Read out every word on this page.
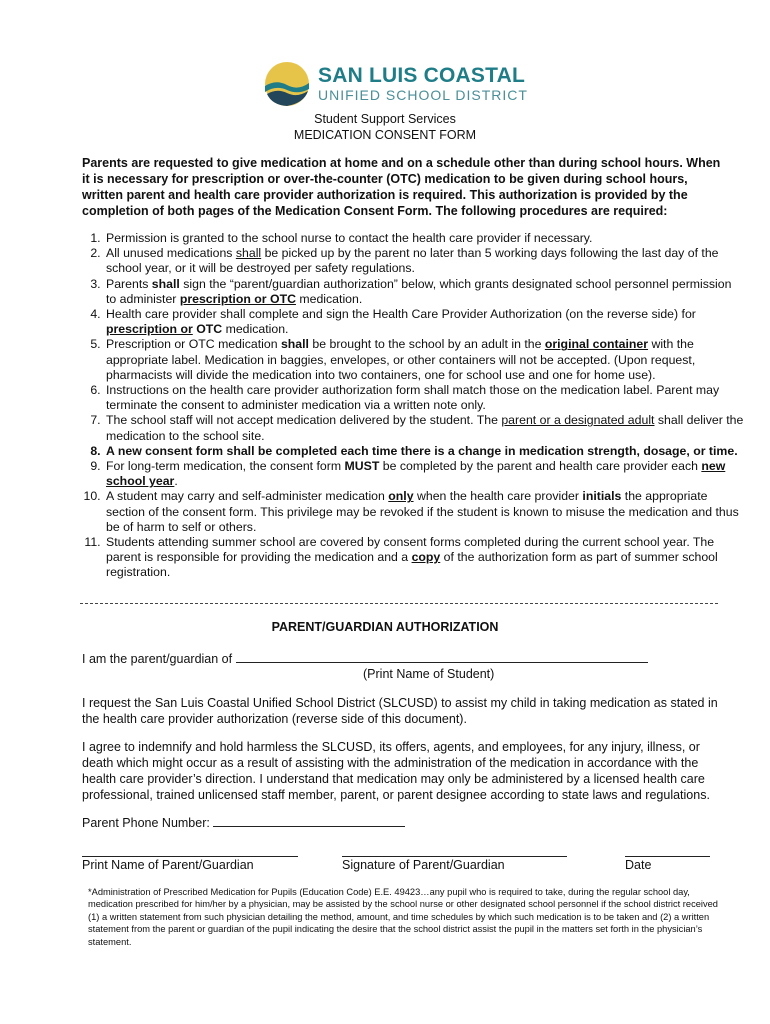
SAN LUIS COASTAL
UNIFIED SCHOOL DISTRICT
Student Support Services
MEDICATION CONSENT FORM
Parents are requested to give medication at home and on a schedule other than during school hours. When it is necessary for prescription or over-the-counter (OTC) medication to be given during school hours, written parent and health care provider authorization is required. This authorization is provided by the completion of both pages of the Medication Consent Form. The following procedures are required:
1. Permission is granted to the school nurse to contact the health care provider if necessary.
2. All unused medications shall be picked up by the parent no later than 5 working days following the last day of the school year, or it will be destroyed per safety regulations.
3. Parents shall sign the “parent/guardian authorization” below, which grants designated school personnel permission to administer prescription or OTC medication.
4. Health care provider shall complete and sign the Health Care Provider Authorization (on the reverse side) for prescription or OTC medication.
5. Prescription or OTC medication shall be brought to the school by an adult in the original container with the appropriate label. Medication in baggies, envelopes, or other containers will not be accepted. (Upon request, pharmacists will divide the medication into two containers, one for school use and one for home use).
6. Instructions on the health care provider authorization form shall match those on the medication label. Parent may terminate the consent to administer medication via a written note only.
7. The school staff will not accept medication delivered by the student. The parent or a designated adult shall deliver the medication to the school site.
8. A new consent form shall be completed each time there is a change in medication strength, dosage, or time.
9. For long-term medication, the consent form MUST be completed by the parent and health care provider each new school year.
10. A student may carry and self-administer medication only when the health care provider initials the appropriate section of the consent form. This privilege may be revoked if the student is known to misuse the medication and thus be of harm to self or others.
11. Students attending summer school are covered by consent forms completed during the current school year. The parent is responsible for providing the medication and a copy of the authorization form as part of summer school registration.
PARENT/GUARDIAN AUTHORIZATION
I am the parent/guardian of
(Print Name of Student)
I request the San Luis Coastal Unified School District (SLCUSD) to assist my child in taking medication as stated in the health care provider authorization (reverse side of this document).
I agree to indemnify and hold harmless the SLCUSD, its offers, agents, and employees, for any injury, illness, or death which might occur as a result of assisting with the administration of the medication in accordance with the health care provider’s direction. I understand that medication may only be administered by a licensed health care professional, trained unlicensed staff member, parent, or parent designee according to state laws and regulations.
Parent Phone Number:
Print Name of Parent/Guardian	Signature of Parent/Guardian	Date
*Administration of Prescribed Medication for Pupils (Education Code) E.E. 49423…any pupil who is required to take, during the regular school day, medication prescribed for him/her by a physician, may be assisted by the school nurse or other designated school personnel if the school district received (1) a written statement from such physician detailing the method, amount, and time schedules by which such medication is to be taken and (2) a written statement from the parent or guardian of the pupil indicating the desire that the school district assist the pupil in the matters set forth in the physician’s statement.
